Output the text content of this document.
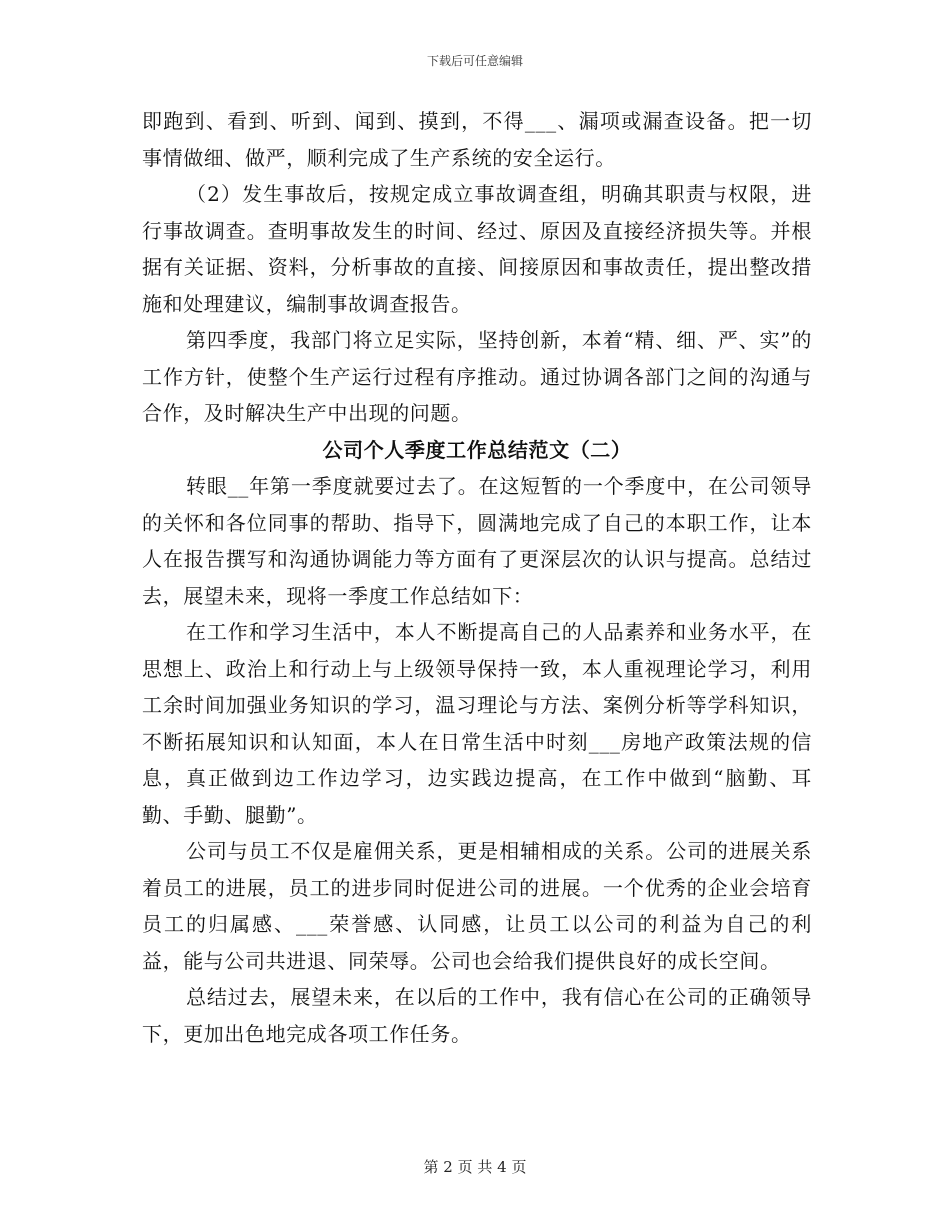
下载后可任意编辑

即跑到、看到、听到、闻到、摸到，不得___、漏项或漏查设备。把一切事情做细、做严，顺利完成了生产系统的安全运行。

（2）发生事故后，按规定成立事故调查组，明确其职责与权限，进行事故调查。查明事故发生的时间、经过、原因及直接经济损失等。并根据有关证据、资料，分析事故的直接、间接原因和事故责任，提出整改措施和处理建议，编制事故调查报告。

第四季度，我部门将立足实际，坚持创新，本着“精、细、严、实”的工作方针，使整个生产运行过程有序推动。通过协调各部门之间的沟通与合作，及时解决生产中出现的问题。

公司个人季度工作总结范文（二）

转眼__年第一季度就要过去了。在这短暂的一个季度中，在公司领导的关怀和各位同事的帮助、指导下，圆满地完成了自己的本职工作，让本人在报告撰写和沟通协调能力等方面有了更深层次的认识与提高。总结过去，展望未来，现将一季度工作总结如下：

在工作和学习生活中，本人不断提高自己的人品素养和业务水平，在思想上、政治上和行动上与上级领导保持一致，本人重视理论学习，利用工余时间加强业务知识的学习，温习理论与方法、案例分析等学科知识，不断拓展知识和认知面，本人在日常生活中时刻___房地产政策法规的信息，真正做到边工作边学习，边实践边提高，在工作中做到“脑勤、耳勤、手勤、腿勤”。

公司与员工不仅是雇佣关系，更是相辅相成的关系。公司的进展关系着员工的进展，员工的进步同时促进公司的进展。一个优秀的企业会培育员工的归属感、___荣誉感、认同感，让员工以公司的利益为自己的利益，能与公司共进退、同荣辱。公司也会给我们提供良好的成长空间。

总结过去，展望未来，在以后的工作中，我有信心在公司的正确领导下，更加出色地完成各项工作任务。

第 2 页 共 4 页
